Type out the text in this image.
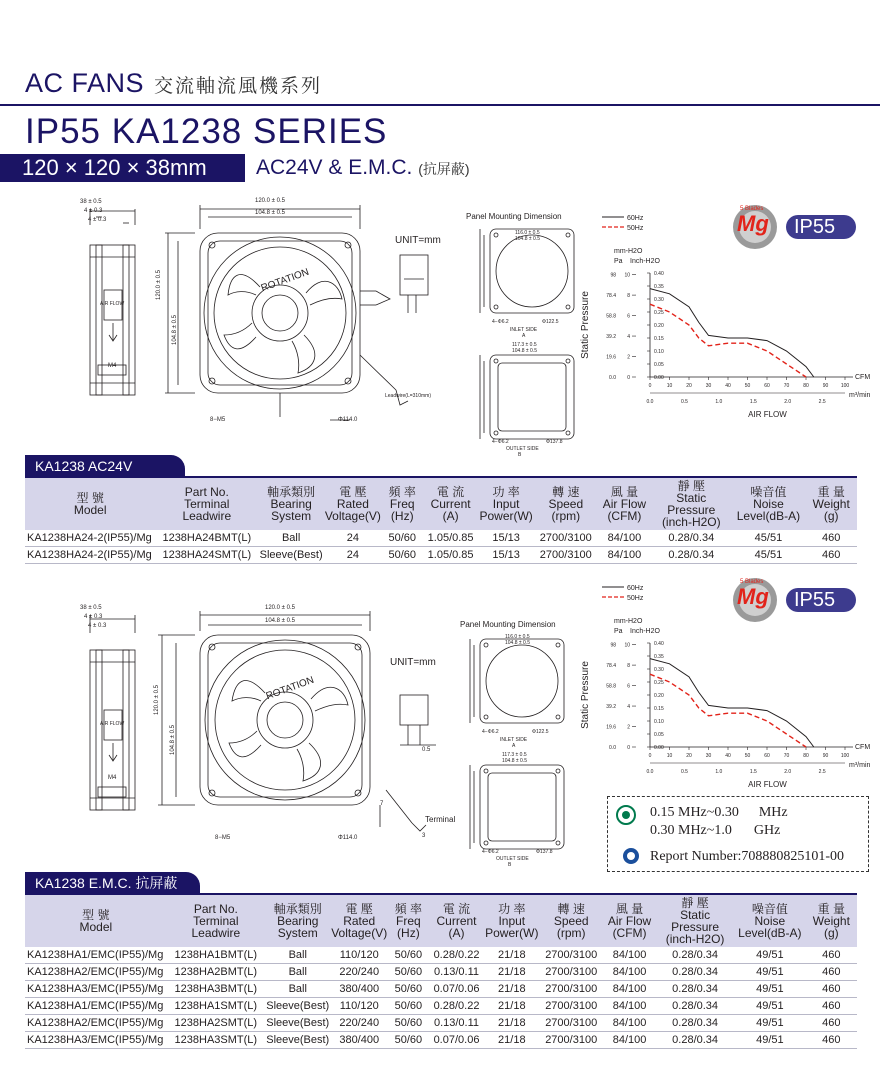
AC FANS 交流軸流風機系列
IP55 KA1238 SERIES
120 × 120 × 38mm AC24V & E.M.C. (抗屏蔽)
38 ± 0.5
4 ± 0.3
4 ± 0.3
AIR FLOW
M4
120.0 ± 0.5
104.8 ± 0.5
120.0 ± 0.5
104.8 ± 0.5
ROTATION
8−M5	Φ114.0
Leadwire(L=310mm)
UNIT=mm
Panel Mounting Dimension
116.0 ± 0.5
104.8 ± 0.5
4−Φ6.2	Φ122.5
INLET SIDE
A
117.3 ± 0.5
104.8 ± 0.5
4−Φ6.2	Φ137.8
OUTLET SIDE
B
60Hz
50Hz
mm-H2O
Pa Inch-H2O
Static Pressure
0.00
0.05
0.10
0.15
0.20
0.25
0.30
0.35
0.40
0
2
4
6
8
10
0.0
19.6
39.2
58.8
78.4
98
0	10	20	30	40	50	60	70	80	90	100
CFM
0.0	0.5	1.0	1.5	2.0	2.5
m³/min
AIR FLOW
Mg
5 Blades
IP55
KA1238 AC24V
型 號
Model	Part No.
Terminal
Leadwire	軸承類別
Bearing
System	電 壓
Rated
Voltage(V)	頻 率
Freq
(Hz)	電 流
Current
(A)	功 率
Input
Power(W)	轉 速
Speed
(rpm)	風 量
Air Flow
(CFM)	靜 壓
Static Pressure
(inch-H2O)	噪音值
Noise
Level(dB-A)	重 量
Weight
(g)
KA1238HA24-2(IP55)/Mg	1238HA24BMT(L)	Ball	24	50/60	1.05/0.85	15/13	2700/3100	84/100	0.28/0.34	45/51	460
KA1238HA24-2(IP55)/Mg	1238HA24SMT(L)	Sleeve(Best)	24	50/60	1.05/0.85	15/13	2700/3100	84/100	0.28/0.34	45/51	460
38 ± 0.5
4 ± 0.3
4 ± 0.3
AIR FLOW
M4
120.0 ± 0.5
104.8 ± 0.5
120.0 ± 0.5
104.8 ± 0.5
ROTATION
8−M5	Φ114.0
Terminal
0.5
7
3
UNIT=mm
Panel Mounting Dimension
116.0 ± 0.5
104.8 ± 0.5
4−Φ6.2	Φ122.5
INLET SIDE
A
117.3 ± 0.5
104.8 ± 0.5
4−Φ6.2	Φ137.8
OUTLET SIDE
B
60Hz
50Hz
mm-H2O
Pa Inch-H2O
Static Pressure
0.00
0.05
0.10
0.15
0.20
0.25
0.30
0.35
0.40
0
2
4
6
8
10
0.0
19.6
39.2
58.8
78.4
98
0	10	20	30	40	50	60	70	80	90	100
CFM
0.0	0.5	1.0	1.5	2.0	2.5
m³/min
AIR FLOW
Mg
5 Blades
IP55
0.15 MHz~0.30 MHz
0.30 MHz~1.0 GHz
Report Number:708880825101-00
KA1238 E.M.C. 抗屏蔽
型 號
Model	Part No.
Terminal
Leadwire	軸承類別
Bearing
System	電 壓
Rated
Voltage(V)	頻 率
Freq
(Hz)	電 流
Current
(A)	功 率
Input
Power(W)	轉 速
Speed
(rpm)	風 量
Air Flow
(CFM)	靜 壓
Static Pressure
(inch-H2O)	噪音值
Noise
Level(dB-A)	重 量
Weight
(g)
KA1238HA1/EMC(IP55)/Mg	1238HA1BMT(L)	Ball	110/120	50/60	0.28/0.22	21/18	2700/3100	84/100	0.28/0.34	49/51	460
KA1238HA2/EMC(IP55)/Mg	1238HA2BMT(L)	Ball	220/240	50/60	0.13/0.11	21/18	2700/3100	84/100	0.28/0.34	49/51	460
KA1238HA3/EMC(IP55)/Mg	1238HA3BMT(L)	Ball	380/400	50/60	0.07/0.06	21/18	2700/3100	84/100	0.28/0.34	49/51	460
KA1238HA1/EMC(IP55)/Mg	1238HA1SMT(L)	Sleeve(Best)	110/120	50/60	0.28/0.22	21/18	2700/3100	84/100	0.28/0.34	49/51	460
KA1238HA2/EMC(IP55)/Mg	1238HA2SMT(L)	Sleeve(Best)	220/240	50/60	0.13/0.11	21/18	2700/3100	84/100	0.28/0.34	49/51	460
KA1238HA3/EMC(IP55)/Mg	1238HA3SMT(L)	Sleeve(Best)	380/400	50/60	0.07/0.06	21/18	2700/3100	84/100	0.28/0.34	49/51	460
